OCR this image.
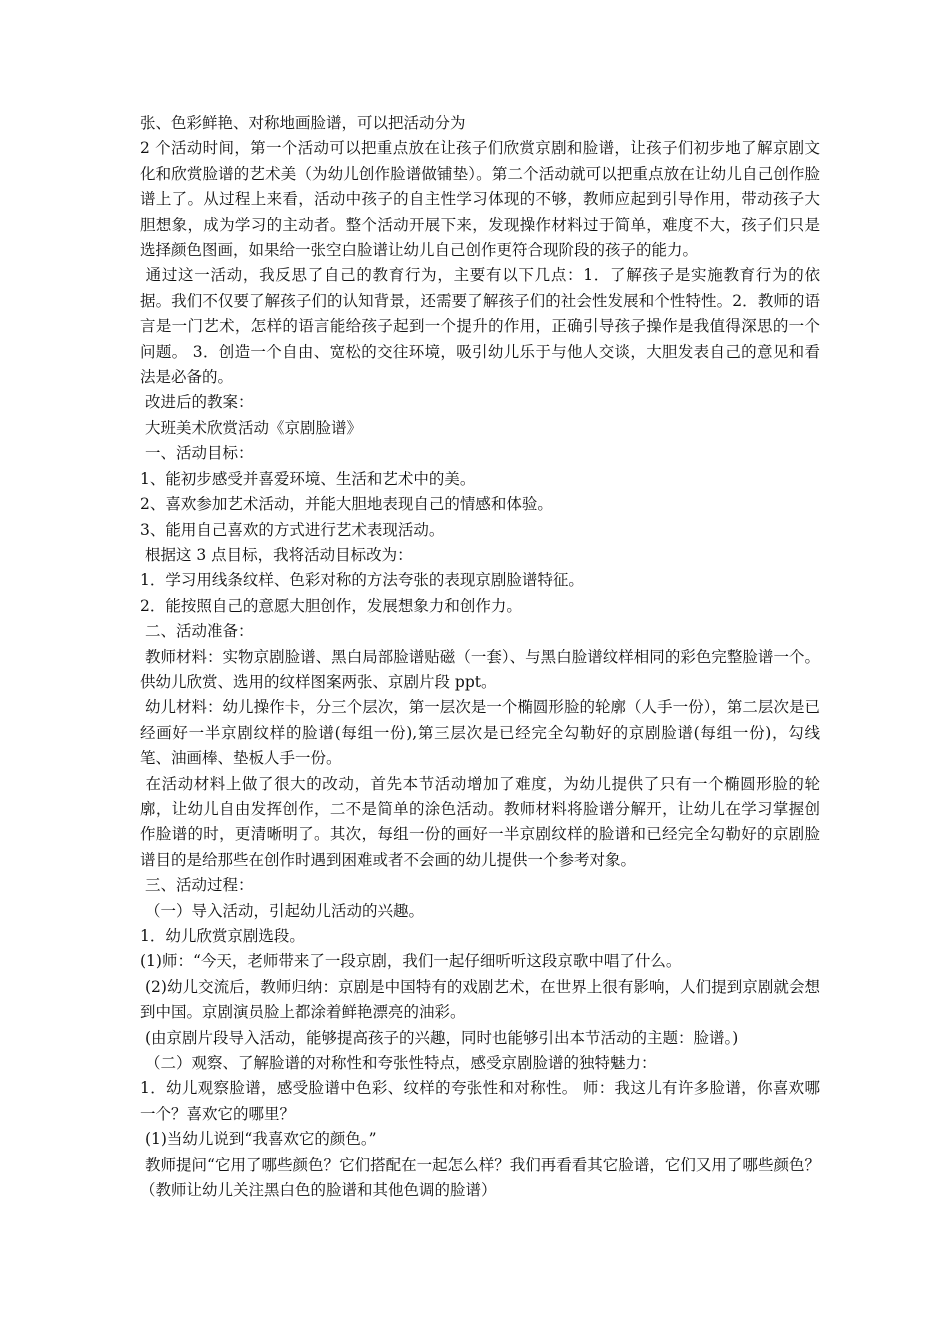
张、色彩鲜艳、对称地画脸谱，可以把活动分为

2 个活动时间，第一个活动可以把重点放在让孩子们欣赏京剧和脸谱，让孩子们初步地了解京剧文化和欣赏脸谱的艺术美（为幼儿创作脸谱做铺垫）。第二个活动就可以把重点放在让幼儿自己创作脸谱上了。从过程上来看，活动中孩子的自主性学习体现的不够，教师应起到引导作用，带动孩子大胆想象，成为学习的主动者。整个活动开展下来，发现操作材料过于简单，难度不大，孩子们只是选择颜色图画，如果给一张空白脸谱让幼儿自己创作更符合现阶段的孩子的能力。

通过这一活动，我反思了自己的教育行为，主要有以下几点：1．了解孩子是实施教育行为的依据。我们不仅要了解孩子们的认知背景，还需要了解孩子们的社会性发展和个性特性。2．教师的语言是一门艺术，怎样的语言能给孩子起到一个提升的作用，正确引导孩子操作是我值得深思的一个问题。 3．创造一个自由、宽松的交往环境，吸引幼儿乐于与他人交谈，大胆发表自己的意见和看法是必备的。

改进后的教案：

大班美术欣赏活动《京剧脸谱》

一、活动目标：

1、能初步感受并喜爱环境、生活和艺术中的美。

2、喜欢参加艺术活动，并能大胆地表现自己的情感和体验。

3、能用自己喜欢的方式进行艺术表现活动。

根据这 3 点目标，我将活动目标改为：

1．学习用线条纹样、色彩对称的方法夸张的表现京剧脸谱特征。

2．能按照自己的意愿大胆创作，发展想象力和创作力。

二、活动准备：

教师材料：实物京剧脸谱、黑白局部脸谱贴磁（一套）、与黑白脸谱纹样相同的彩色完整脸谱一个。供幼儿欣赏、选用的纹样图案两张、京剧片段 ppt。

幼儿材料：幼儿操作卡，分三个层次，第一层次是一个椭圆形脸的轮廓（人手一份），第二层次是已经画好一半京剧纹样的脸谱(每组一份),第三层次是已经完全勾勒好的京剧脸谱(每组一份)，勾线笔、油画棒、垫板人手一份。

在活动材料上做了很大的改动，首先本节活动增加了难度，为幼儿提供了只有一个椭圆形脸的轮廓，让幼儿自由发挥创作，二不是简单的涂色活动。教师材料将脸谱分解开，让幼儿在学习掌握创作脸谱的时，更清晰明了。其次，每组一份的画好一半京剧纹样的脸谱和已经完全勾勒好的京剧脸谱目的是给那些在创作时遇到困难或者不会画的幼儿提供一个参考对象。

三、活动过程：

（一）导入活动，引起幼儿活动的兴趣。

1．幼儿欣赏京剧选段。

(1)师：“今天，老师带来了一段京剧，我们一起仔细听听这段京歌中唱了什么。

(2)幼儿交流后，教师归纳：京剧是中国特有的戏剧艺术，在世界上很有影响，人们提到京剧就会想到中国。京剧演员脸上都涂着鲜艳漂亮的油彩。

(由京剧片段导入活动，能够提高孩子的兴趣，同时也能够引出本节活动的主题：脸谱。)

（二）观察、了解脸谱的对称性和夸张性特点，感受京剧脸谱的独特魅力：

1．幼儿观察脸谱，感受脸谱中色彩、纹样的夸张性和对称性。 师：我这儿有许多脸谱，你喜欢哪一个？喜欢它的哪里？

(1)当幼儿说到“我喜欢它的颜色。”

教师提问“它用了哪些颜色？它们搭配在一起怎么样？我们再看看其它脸谱，它们又用了哪些颜色？（教师让幼儿关注黑白色的脸谱和其他色调的脸谱）
